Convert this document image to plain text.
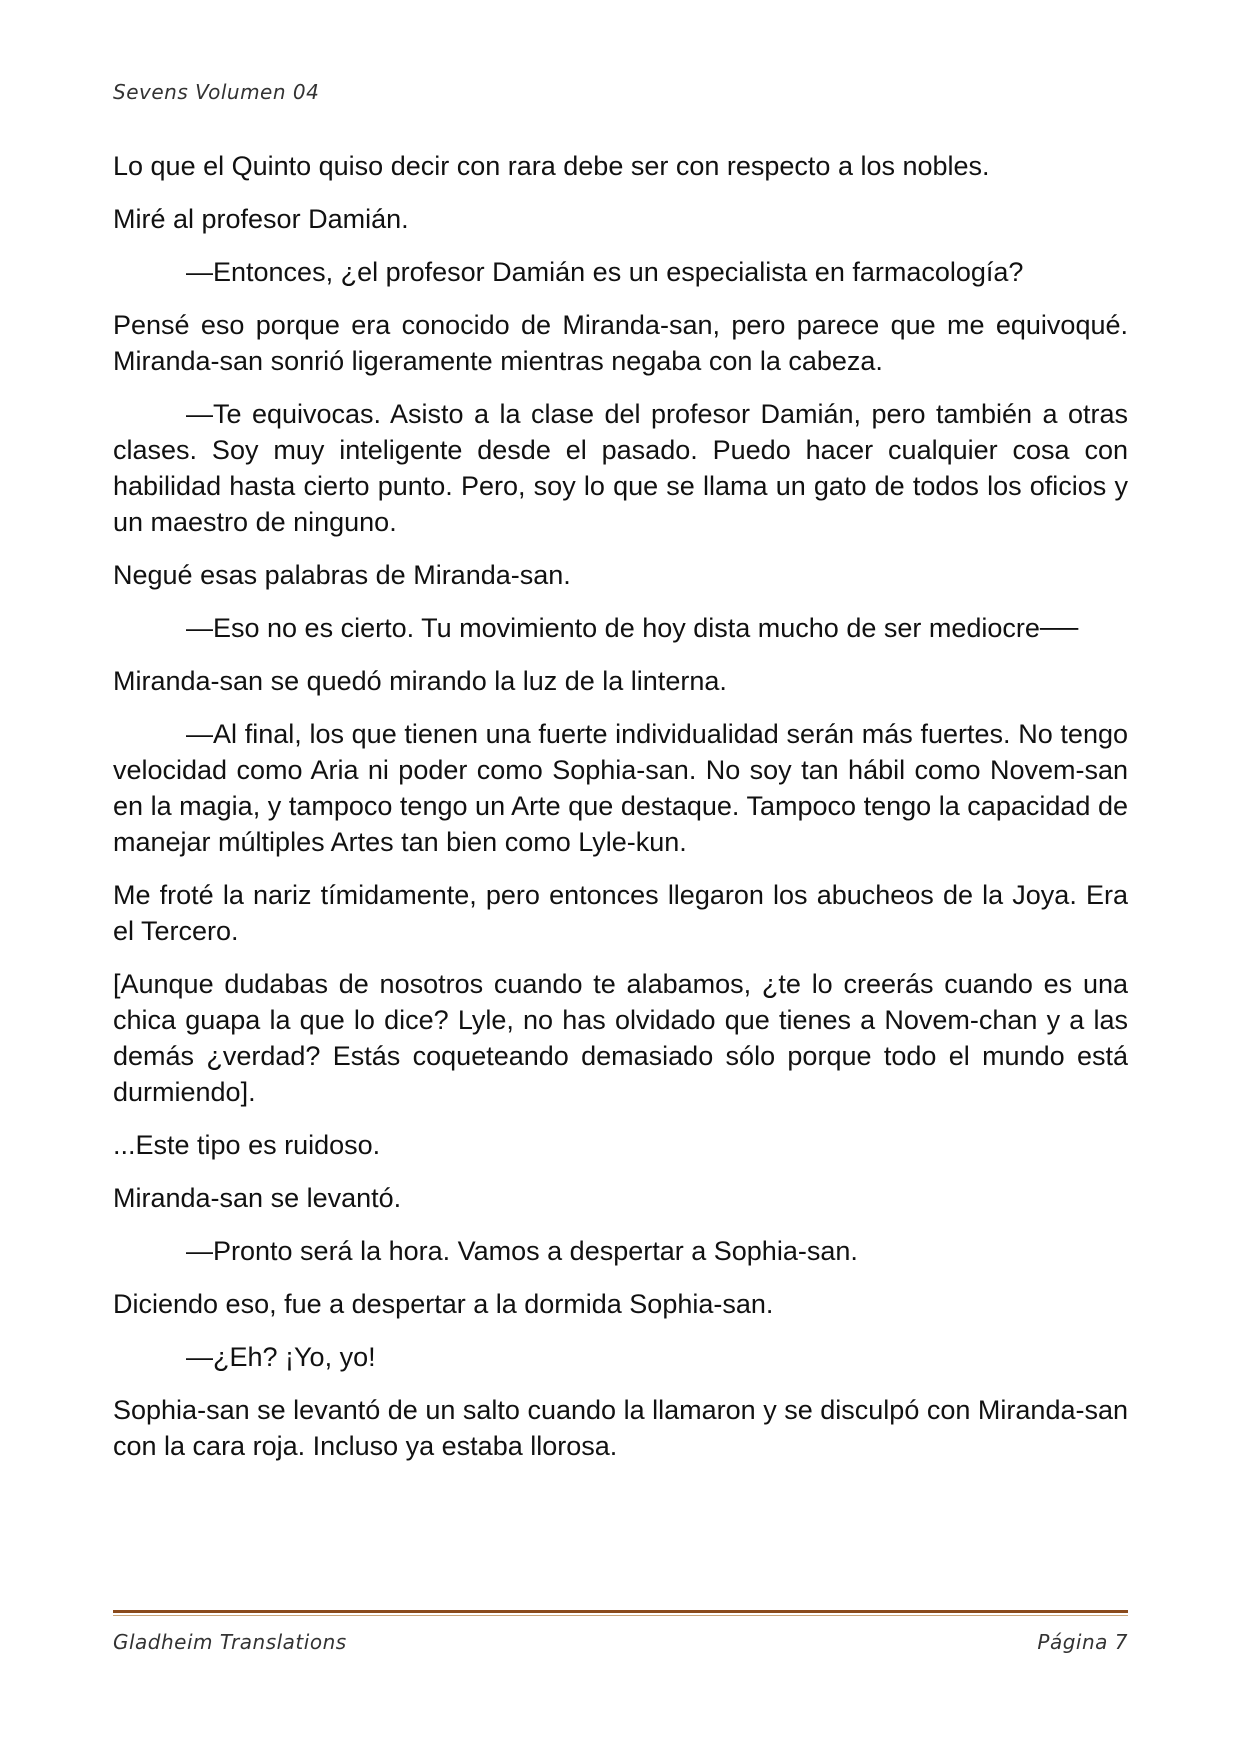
Sevens Volumen 04

Lo que el Quinto quiso decir con rara debe ser con respecto a los nobles.

Miré al profesor Damián.

—Entonces, ¿el profesor Damián es un especialista en farmacología?

Pensé eso porque era conocido de Miranda-san, pero parece que me equivoqué. Miranda-san sonrió ligeramente mientras negaba con la cabeza.

—Te equivocas. Asisto a la clase del profesor Damián, pero también a otras clases. Soy muy inteligente desde el pasado. Puedo hacer cualquier cosa con habilidad hasta cierto punto. Pero, soy lo que se llama un gato de todos los oficios y un maestro de ninguno.

Negué esas palabras de Miranda-san.

—Eso no es cierto. Tu movimiento de hoy dista mucho de ser mediocre──

Miranda-san se quedó mirando la luz de la linterna.

—Al final, los que tienen una fuerte individualidad serán más fuertes. No tengo velocidad como Aria ni poder como Sophia-san. No soy tan hábil como Novem-san en la magia, y tampoco tengo un Arte que destaque. Tampoco tengo la capacidad de manejar múltiples Artes tan bien como Lyle-kun.

Me froté la nariz tímidamente, pero entonces llegaron los abucheos de la Joya. Era el Tercero.

[Aunque dudabas de nosotros cuando te alabamos, ¿te lo creerás cuando es una chica guapa la que lo dice? Lyle, no has olvidado que tienes a Novem-chan y a las demás ¿verdad? Estás coqueteando demasiado sólo porque todo el mundo está durmiendo].

...Este tipo es ruidoso.

Miranda-san se levantó.

—Pronto será la hora. Vamos a despertar a Sophia-san.

Diciendo eso, fue a despertar a la dormida Sophia-san.

—¿Eh? ¡Yo, yo!

Sophia-san se levantó de un salto cuando la llamaron y se disculpó con Miranda-san con la cara roja. Incluso ya estaba llorosa.

Gladheim Translations	Página 7
